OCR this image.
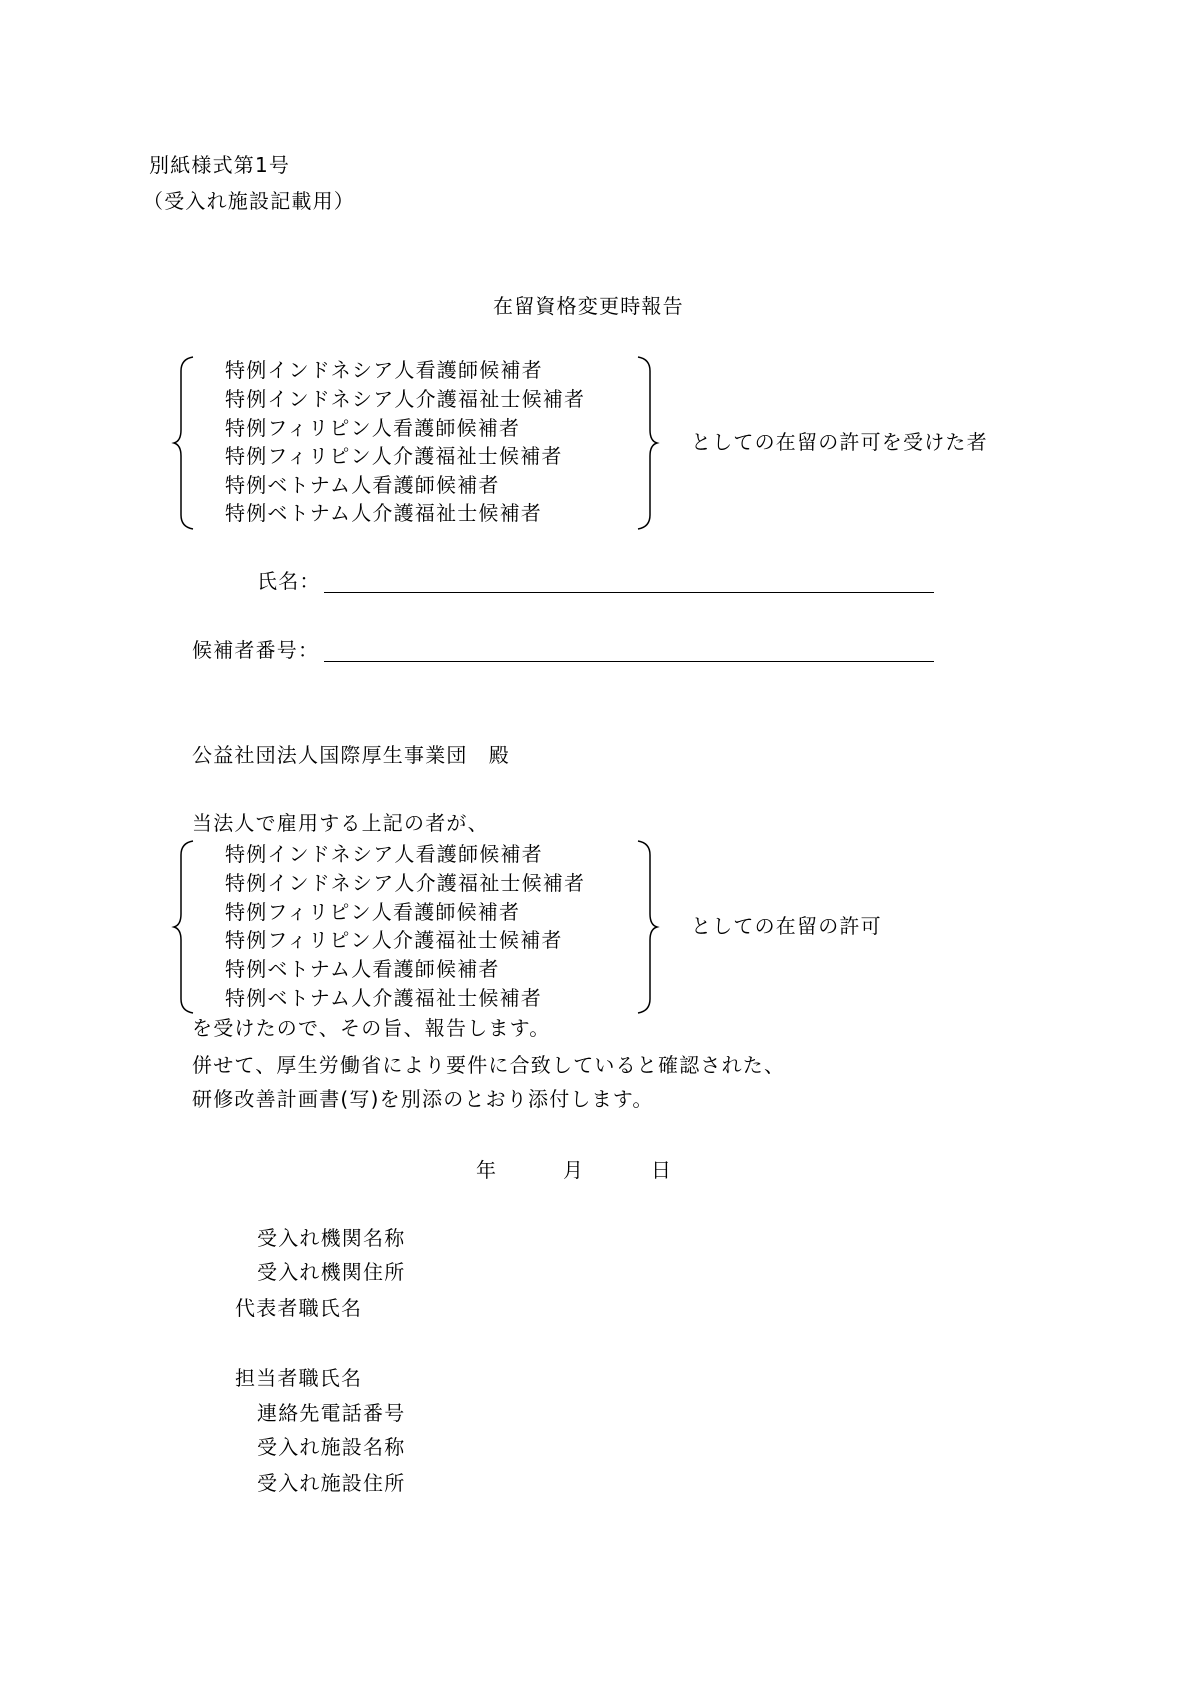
別紙様式第1号
（受入れ施設記載用）
在留資格変更時報告
特例インドネシア人看護師候補者
特例インドネシア人介護福祉士候補者
特例フィリピン人看護師候補者
特例フィリピン人介護福祉士候補者
特例ベトナム人看護師候補者
特例ベトナム人介護福祉士候補者
としての在留の許可を受けた者
氏名：
候補者番号：
公益社団法人国際厚生事業団　殿
当法人で雇用する上記の者が、
特例インドネシア人看護師候補者
特例インドネシア人介護福祉士候補者
特例フィリピン人看護師候補者
特例フィリピン人介護福祉士候補者
特例ベトナム人看護師候補者
特例ベトナム人介護福祉士候補者
としての在留の許可
を受けたので、その旨、報告します。
併せて、厚生労働省により要件に合致していると確認された、
研修改善計画書(写)を別添のとおり添付します。
年	月	日
受入れ機関名称
受入れ機関住所
代表者職氏名
担当者職氏名
連絡先電話番号
受入れ施設名称
受入れ施設住所
